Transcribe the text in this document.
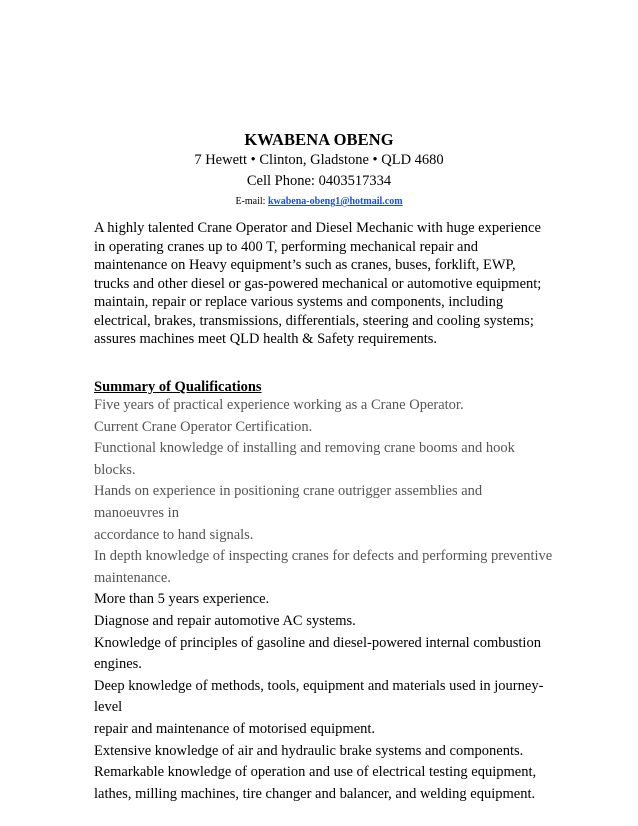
KWABENA OBENG
7 Hewett • Clinton, Gladstone • QLD 4680
Cell Phone: 0403517334
E-mail: kwabena-obeng1@hotmail.com

A highly talented Crane Operator and Diesel Mechanic with huge experience in operating cranes up to 400 T, performing mechanical repair and maintenance on Heavy equipment’s such as cranes, buses, forklift, EWP, trucks and other diesel or gas-powered mechanical or automotive equipment; maintain, repair or replace various systems and components, including electrical, brakes, transmissions, differentials, steering and cooling systems; assures machines meet QLD health & Safety requirements.

Summary of Qualifications
Five years of practical experience working as a Crane Operator.
Current Crane Operator Certification.
Functional knowledge of installing and removing crane booms and hook blocks.
Hands on experience in positioning crane outrigger assemblies and manoeuvres in
accordance to hand signals.
In depth knowledge of inspecting cranes for defects and performing preventive
maintenance.
More than 5 years experience.
Diagnose and repair automotive AC systems.
Knowledge of principles of gasoline and diesel-powered internal combustion
engines.
Deep knowledge of methods, tools, equipment and materials used in journey-level
repair and maintenance of motorised equipment.
Extensive knowledge of air and hydraulic brake systems and components.
Remarkable knowledge of operation and use of electrical testing equipment,
lathes, milling machines, tire changer and balancer, and welding equipment.
